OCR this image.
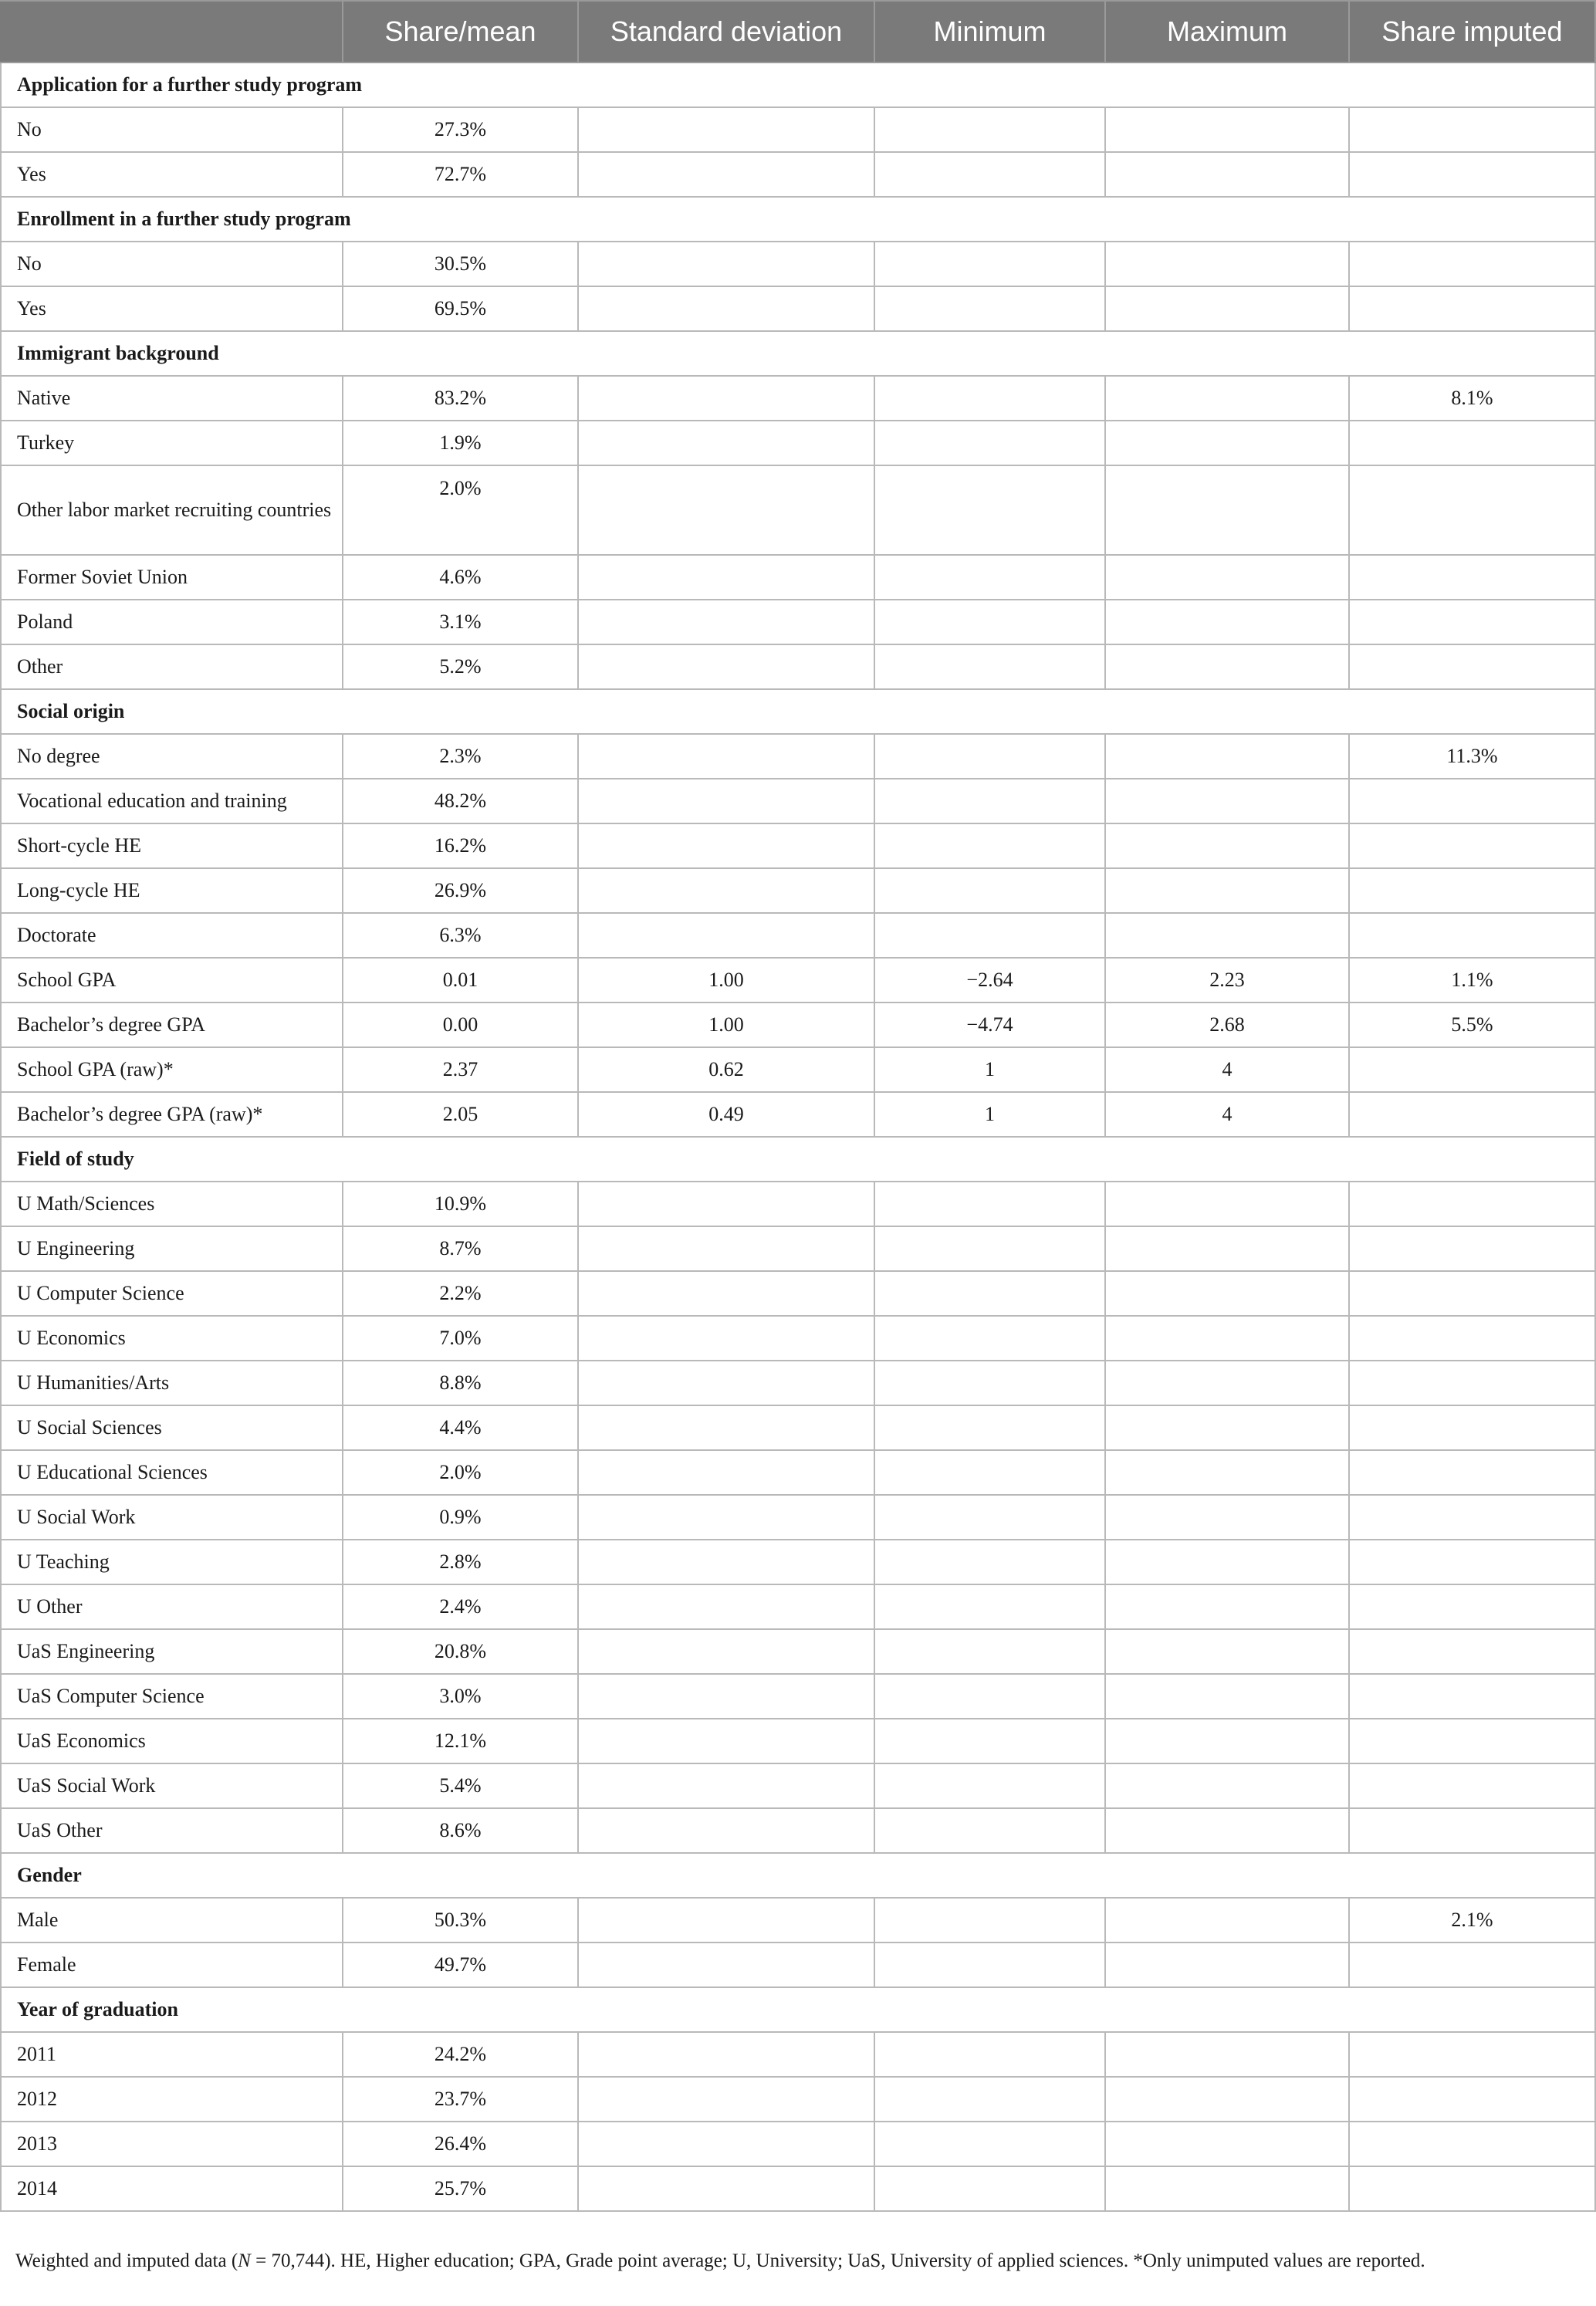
	Share/mean	Standard deviation	Minimum	Maximum	Share imputed
Application for a further study program					
No	27.3%				
Yes	72.7%				
Enrollment in a further study program					
No	30.5%				
Yes	69.5%				
Immigrant background					
Native	83.2%				8.1%
Turkey	1.9%				
Other labor market recruiting countries	2.0%				
Former Soviet Union	4.6%				
Poland	3.1%				
Other	5.2%				
Social origin					
No degree	2.3%				11.3%
Vocational education and training	48.2%				
Short-cycle HE	16.2%				
Long-cycle HE	26.9%				
Doctorate	6.3%				
School GPA	0.01	1.00	−2.64	2.23	1.1%
Bachelor’s degree GPA	0.00	1.00	−4.74	2.68	5.5%
School GPA (raw)*	2.37	0.62	1	4	
Bachelor’s degree GPA (raw)*	2.05	0.49	1	4	
Field of study					
U Math/Sciences	10.9%				
U Engineering	8.7%				
U Computer Science	2.2%				
U Economics	7.0%				
U Humanities/Arts	8.8%				
U Social Sciences	4.4%				
U Educational Sciences	2.0%				
U Social Work	0.9%				
U Teaching	2.8%				
U Other	2.4%				
UaS Engineering	20.8%				
UaS Computer Science	3.0%				
UaS Economics	12.1%				
UaS Social Work	5.4%				
UaS Other	8.6%				
Gender					
Male	50.3%				2.1%
Female	49.7%				
Year of graduation					
2011	24.2%				
2012	23.7%				
2013	26.4%				
2014	25.7%				
Weighted and imputed data (N = 70,744). HE, Higher education; GPA, Grade point average; U, University; UaS, University of applied sciences. *Only unimputed values are reported.
